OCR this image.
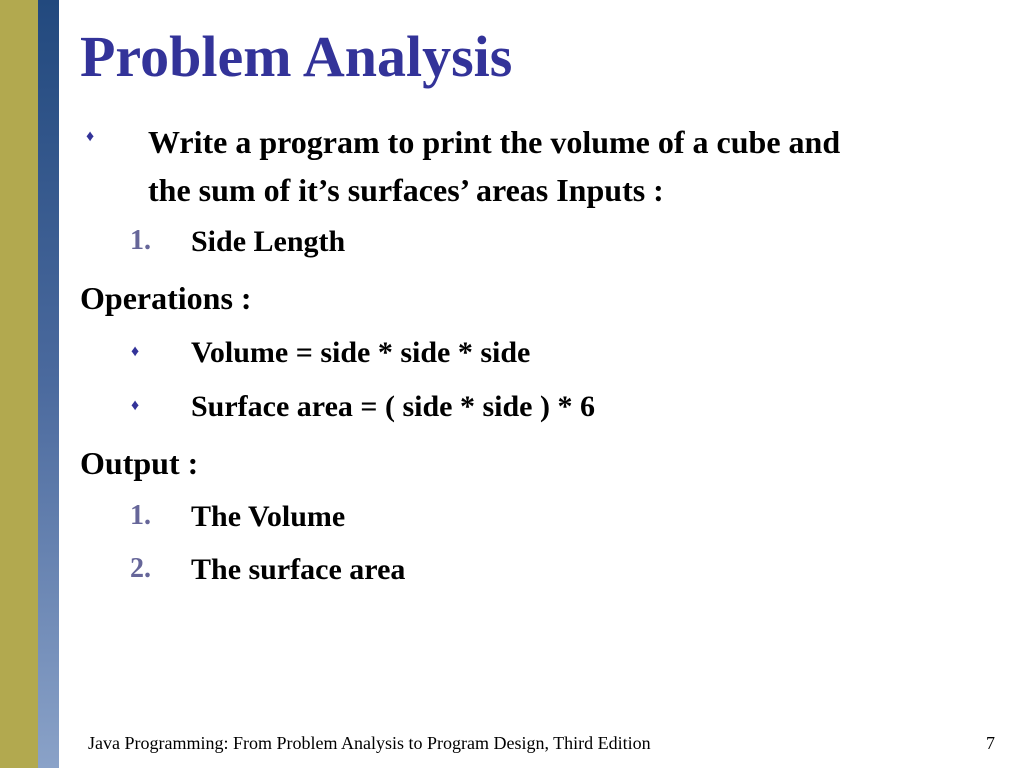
Problem Analysis
♦ Write a program to print the volume of a cube and
the sum of it’s surfaces’ areas Inputs :
1. Side Length
Operations :
♦ Volume = side * side * side
♦ Surface area = ( side * side ) * 6
Output :
1. The Volume
2. The surface area
Java Programming: From Problem Analysis to Program Design, Third Edition	7
